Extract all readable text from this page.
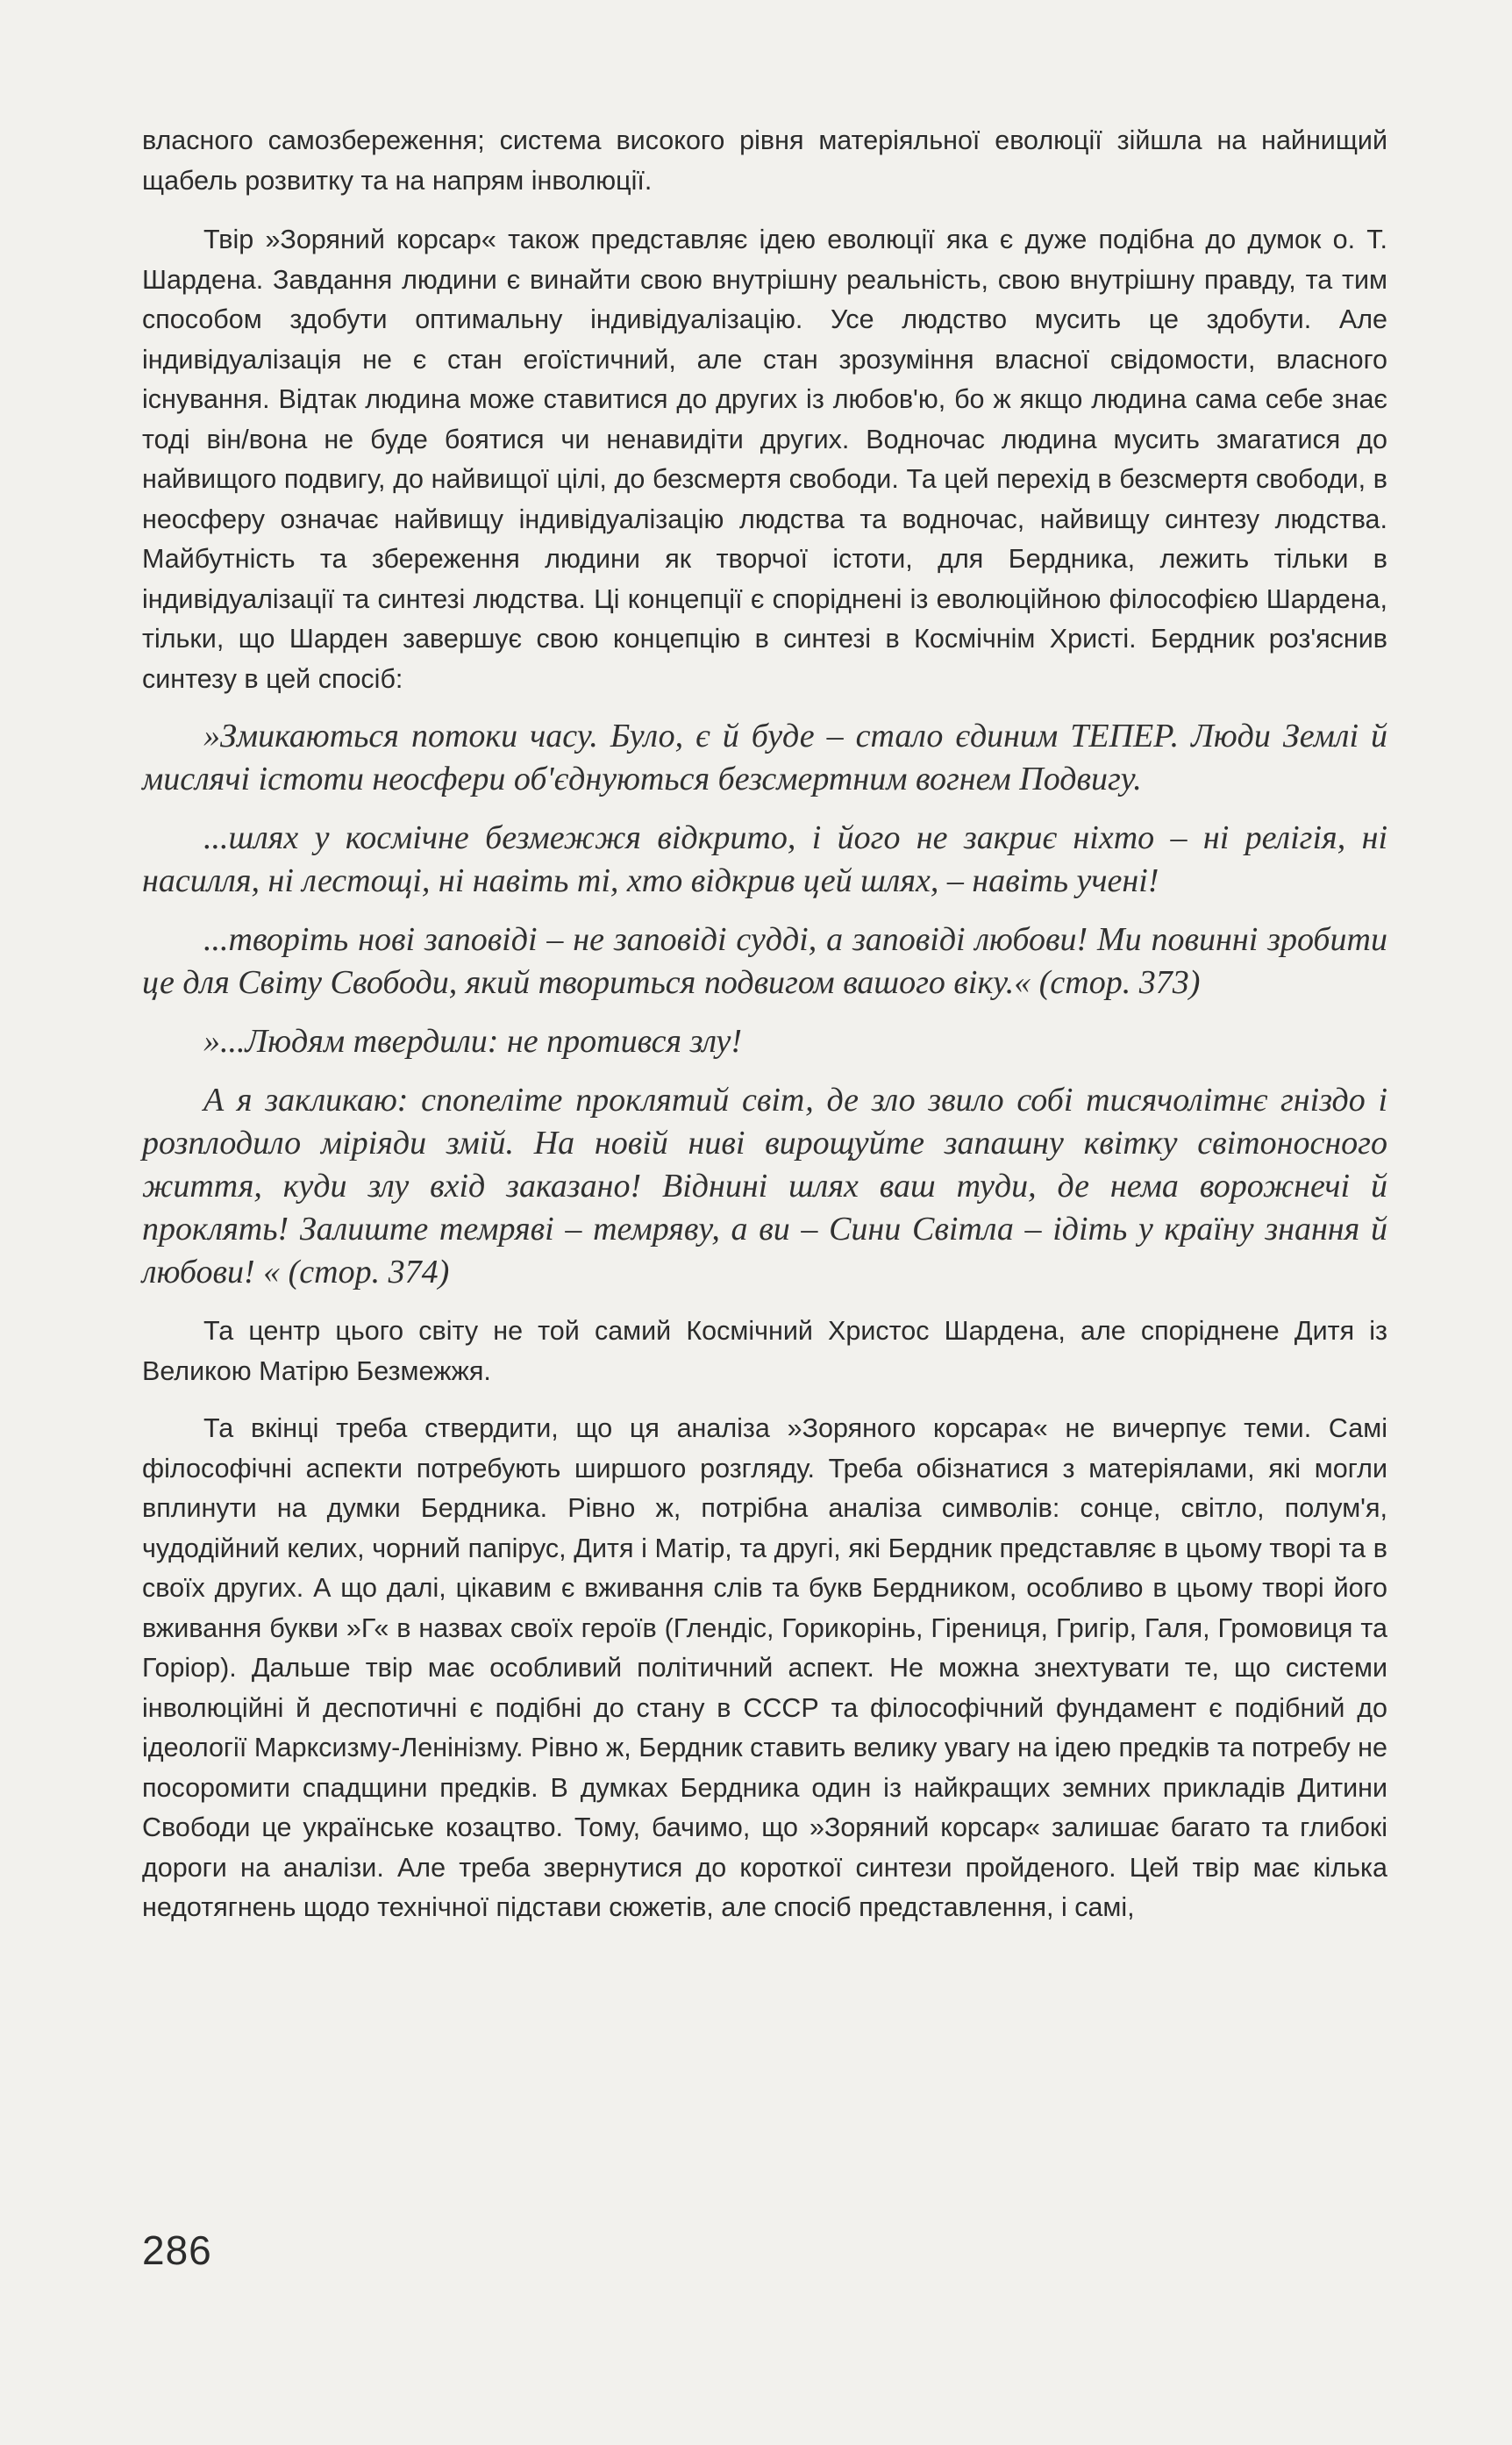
власного самозбереження; система високого рівня матеріяльної еволюції зійшла на найнищий щабель розвитку та на напрям інволюції.

Твір »Зоряний корсар« також представляє ідею еволюції яка є дуже подібна до думок о. Т. Шардена. Завдання людини є винайти свою внутрішну реальність, свою внутрішну правду, та тим способом здобути оптимальну індивідуалізацію. Усе людство мусить це здобути. Але індивідуалізація не є стан егоїстичний, але стан зрозуміння власної свідомости, власного існування. Відтак людина може ставитися до других із любов'ю, бо ж якщо людина сама себе знає тоді він/вона не буде боятися чи ненавидіти других. Водночас людина мусить змагатися до найвищого подвигу, до найвищої цілі, до безсмертя свободи. Та цей перехід в безсмертя свободи, в неосферу означає найвищу індивідуалізацію людства та водночас, найвищу синтезу людства. Майбутність та збереження людини як творчої істоти, для Бердника, лежить тільки в індивідуалізації та синтезі людства. Ці концепції є споріднені із еволюційною філософією Шардена, тільки, що Шарден завершує свою концепцію в синтезі в Космічнім Христі. Бердник роз'яснив синтезу в цей спосіб:

»Змикаються потоки часу. Було, є й буде – стало єдиним ТЕПЕР. Люди Землі й мислячі істоти неосфери об'єднуються безсмертним вогнем Подвигу.

...шлях у космічне безмежжя відкрито, і його не закриє ніхто – ні релігія, ні насилля, ні лестощі, ні навіть ті, хто відкрив цей шлях, – навіть учені!

...творіть нові заповіді – не заповіді судді, а заповіді любови! Ми повинні зробити це для Світу Свободи, який твориться подвигом вашого віку.« (стор. 373)

»...Людям твердили: не протився злу!

А я закликаю: спопеліте проклятий світ, де зло звило собі тисячолітнє гніздо і розплодило міріяди змій. На новій ниві вирощуйте запашну квітку світоносного життя, куди злу вхід заказано! Віднині шлях ваш туди, де нема ворожнечі й проклять! Залиште темряві – темряву, а ви – Сини Світла – ідіть у країну знання й любови! « (стор. 374)

Та центр цього світу не той самий Космічний Христос Шардена, але споріднене Дитя із Великою Матірю Безмежжя.

Та вкінці треба ствердити, що ця аналіза »Зоряного корсара« не вичерпує теми. Самі філософічні аспекти потребують ширшого розгляду. Треба обізнатися з матеріялами, які могли вплинути на думки Бердника. Рівно ж, потрібна аналіза символів: сонце, світло, полум'я, чудодійний келих, чорний папірус, Дитя і Матір, та другі, які Бердник представляє в цьому творі та в своїх других. А що далі, цікавим є вживання слів та букв Бердником, особливо в цьому творі його вживання букви »Г« в назвах своїх героїв (Глендіс, Горикорінь, Гірениця, Григір, Галя, Громовиця та Горіор). Дальше твір має особливий політичний аспект. Не можна знехтувати те, що системи інволюційні й деспотичні є подібні до стану в СССР та філософічний фундамент є подібний до ідеології Марксизму-Ленінізму. Рівно ж, Бердник ставить велику увагу на ідею предків та потребу не посоромити спадщини предків. В думках Бердника один із найкращих земних прикладів Дитини Свободи це українське козацтво. Тому, бачимо, що »Зоряний корсар« залишає багато та глибокі дороги на аналізи. Але треба звернутися до короткої синтези пройденого. Цей твір має кілька недотягнень щодо технічної підстави сюжетів, але спосіб представлення, і самі,

286
